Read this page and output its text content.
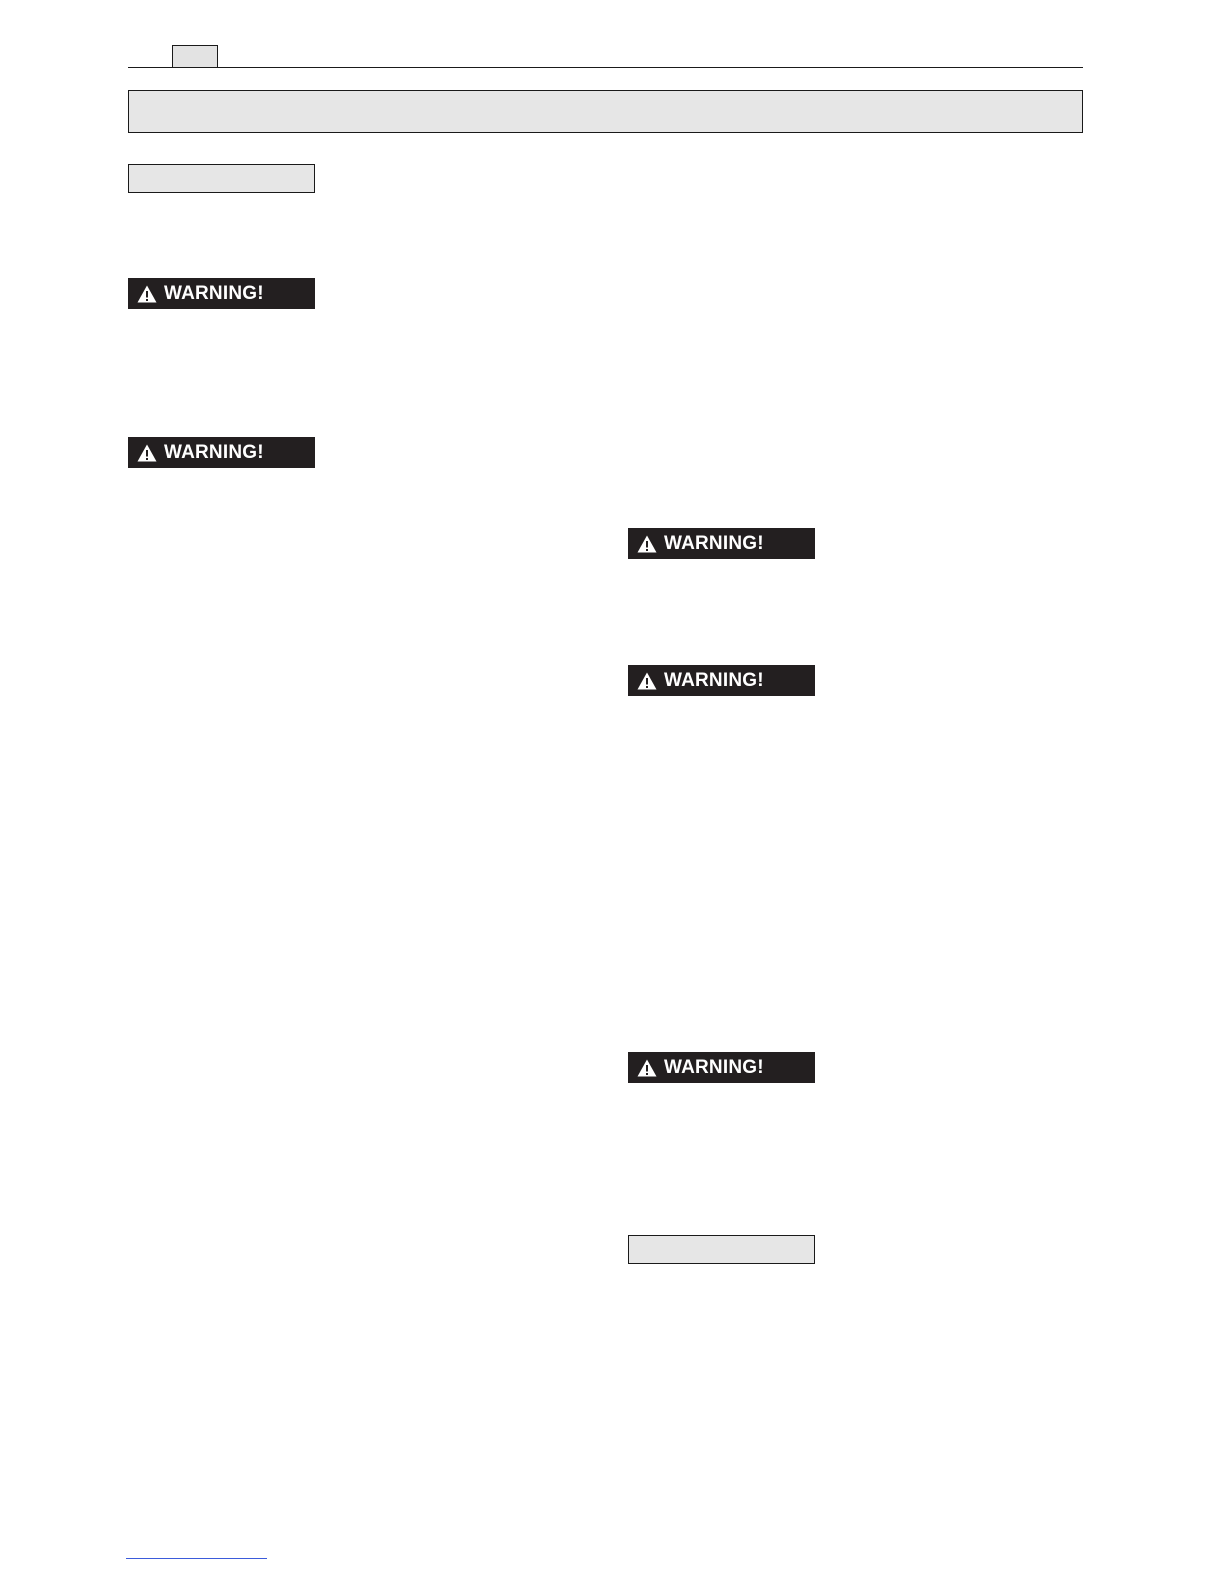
WARNING!
WARNING!
WARNING!
WARNING!
WARNING!
